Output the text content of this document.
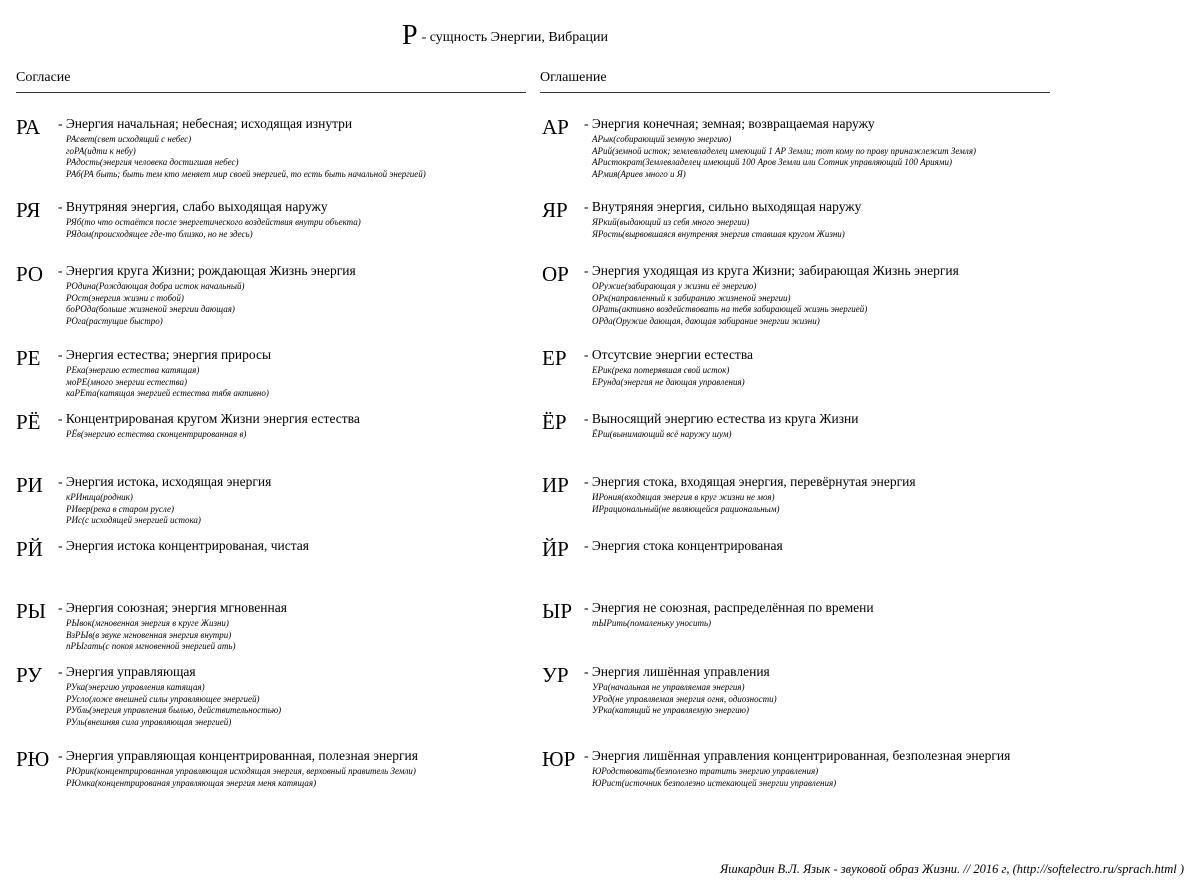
Р - сущность Энергии, Вибрации
Согласие	Оглашение
РА - Энергия начальная; небесная; исходящая изнутри
РАсвет(свет исходящий с небес)
гоРА(идти к небу)
РАдость(энергия человека достигшая небес)
РАб(РА быть; быть тем кто меняет мир своей энергией, то есть быть начальной энергией)
РЯ - Внутряняя энергия, слабо выходящая наружу
РЯб(то что остаётся после энергетического воздействия внутри объекта)
РЯдом(происходящее где-то близко, но не здесь)
РО - Энергия круга Жизни; рождающая Жизнь энергия
РОдина(Рождающая добра исток начальный)
РОст(энергия жизни с тобой)
боРОда(больше жизненой энергии дающая)
РОга(растущие быстро)
РЕ - Энергия естества; энергия приросы
РЕка(энергию естества катящая)
моРЕ(много энергии естества)
каРЕта(катящая энергией естества тябя активно)
РЁ - Концентрированая кругом Жизни энергия естества
РЁв(энергию естества сконцентрированная в)
РИ - Энергия истока, исходящая энергия
кРИница(родник)
РИвер(река в старом русле)
РИс(с исходящей энергией истока)
РЙ - Энергия истока концентрированая, чистая
РЫ - Энергия союзная; энергия мгновенная
РЫвок(мгновенная энергия в круге Жизни)
ВзРЫв(в звуке мгновенная энергия внутри)
пРЫгать(с покоя мгновенной энергией ать)
РУ - Энергия управляющая
РУка(энергию управления катящая)
РУсло(ложе внешней силы управляющее энергией)
РУбль(энергия управления былью, действительностью)
РУль(внешняя сила управляющая энергией)
РЮ - Энергия управляющая концентрированная, полезная энергия
РЮрик(концентрированная управляющая исходящая энергия, верховный правитель Земли)
РЮмка(концентрированая управляющая энергия меня катящая)
АР - Энергия конечная; земная; возвращаемая наружу
АРык(собирающий земную энергию)
АРий(земной исток; землевладелец имеющий 1 АР Земли; тот кому по праву принажлежит Земля)
АРистократ(Землевладелец имеющий 100 Аров Земли или Сотник управляющий 100 Ариями)
АРмия(Ариев много и Я)
ЯР - Внутряняя энергия, сильно выходящая наружу
ЯРкий(выдающий из себя много энергии)
ЯРость(вырвовшаяся внутреняя энергия ставшая кругом Жизни)
ОР - Энергия уходящая из круга Жизни; забирающая Жизнь энергия
ОРужие(забирающая у жизни её энергию)
ОРк(направленный к забиранию жизненой энергии)
ОРать(активно воздействовать на тебя забирающей жизнь энергией)
ОРда(Оружие дающая, дающая забирание энергии жизни)
ЕР - Отсутсвие энергии естества
ЕРик(река потерявшая свой исток)
ЕРунда(энергия не дающая управления)
ЁР - Выносящий энергию естества из круга Жизни
ЁРш(вынимающий всё наружу шум)
ИР - Энергия стока, входящая энергия, перевёрнутая энергия
ИРония(входящая энергия в круг жизни не моя)
ИРрациональный(не являющейся рациональным)
ЙР - Энергия стока концентрированая
ЫР - Энергия не союзная, распределённая по времени
тЫРить(помаленьку уносить)
УР - Энергия лишённая управления
УРа(начальная не управляемая энергия)
УРод(не управляемая энергия огня, одиозности)
УРка(катящий не управляемую энергию)
ЮР - Энергия лишённая управления концентрированная, безполезная энергия
ЮРодствовать(безполезно тратить энергию управления)
ЮРист(источник безполезно истекающей энергии управления)
Яшкардин В.Л. Язык - звуковой образ Жизни. // 2016 г, (http://softelectro.ru/sprach.html )
